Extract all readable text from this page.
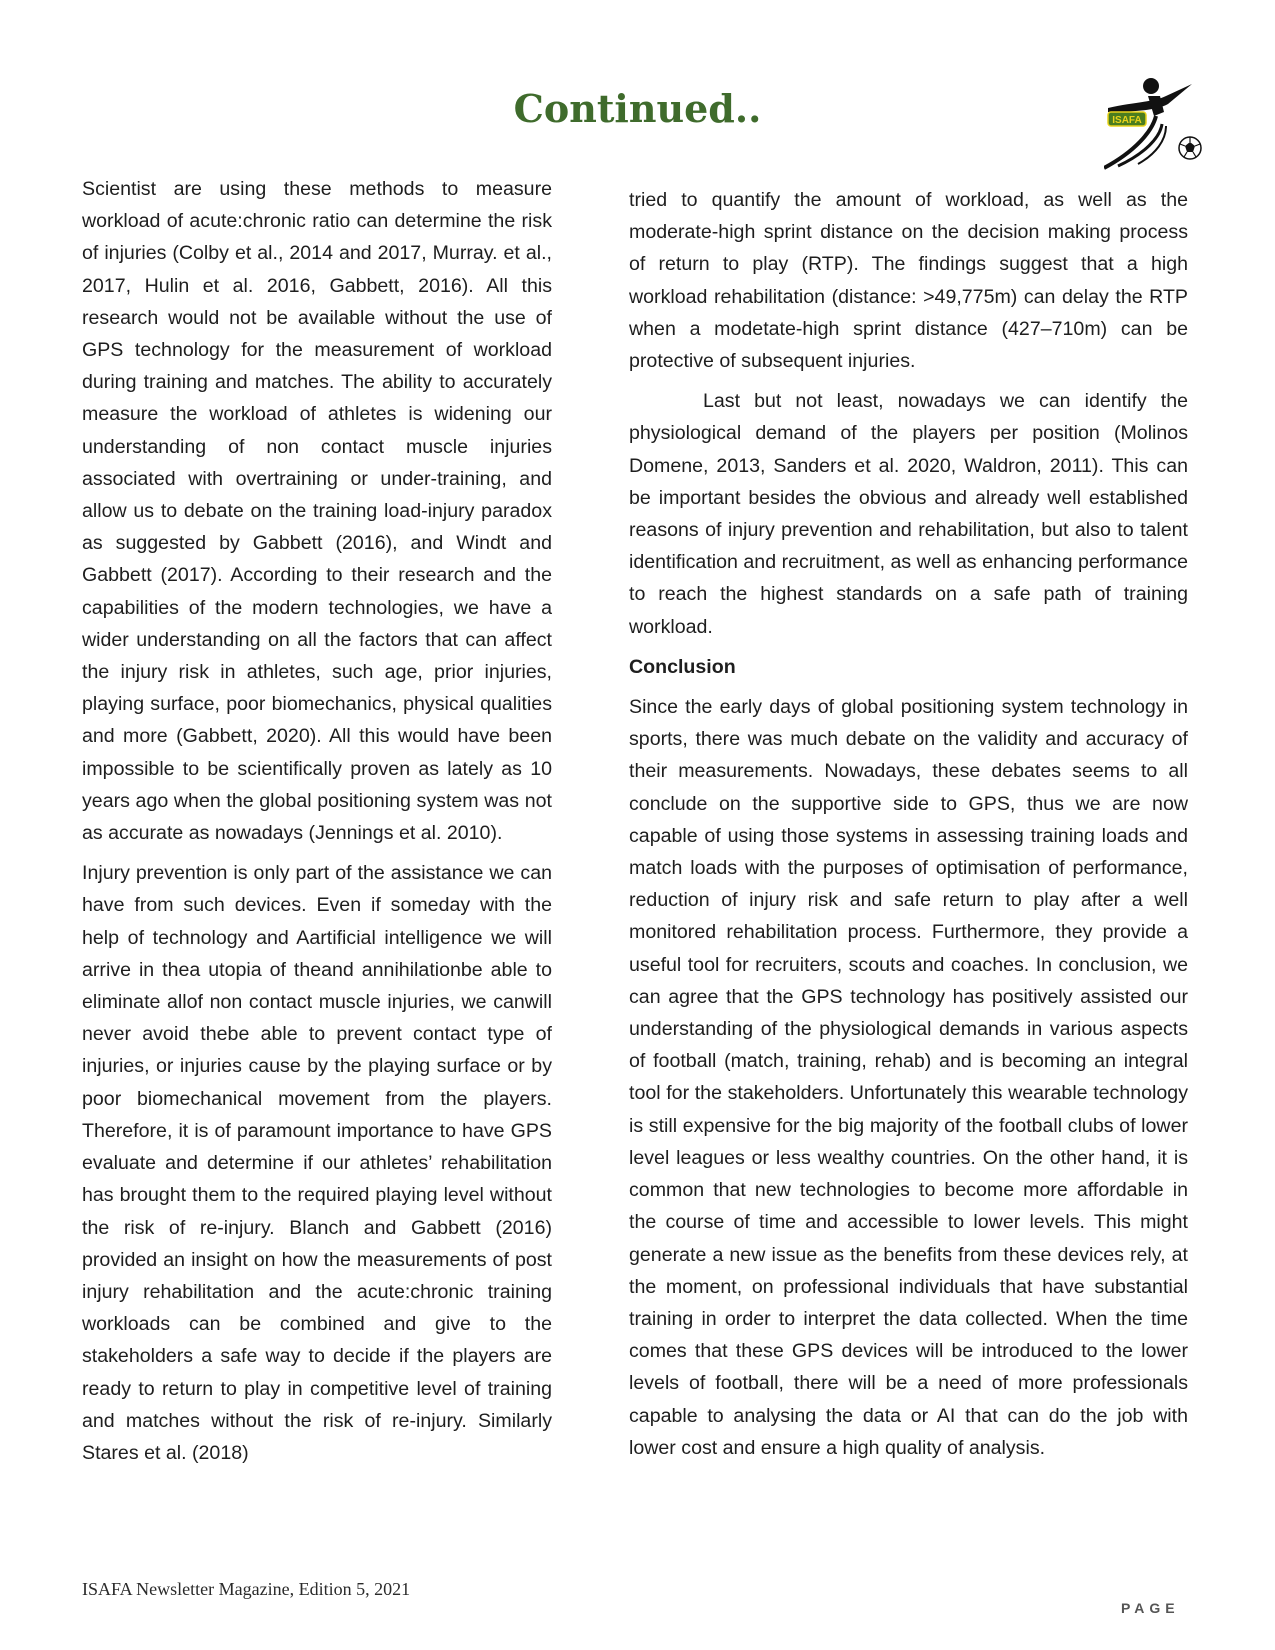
Continued..	ISAFA

Scientist are using these methods to measure workload of acute:chronic ratio can determine the risk of injuries (Colby et al., 2014 and 2017, Murray. et al., 2017, Hulin et al. 2016, Gabbett, 2016). All this research would not be available without the use of GPS technology for the measurement of workload during training and matches. The ability to accurately measure the workload of athletes is widening our understanding of non contact muscle injuries associated with overtraining or under-training, and allow us to debate on the training load-injury paradox as suggested by Gabbett (2016), and Windt and Gabbett (2017). According to their research and the capabilities of the modern technologies, we have a wider understanding on all the factors that can affect the injury risk in athletes, such age, prior injuries, playing surface, poor biomechanics, physical qualities and more (Gabbett, 2020). All this would have been impossible to be scientifically proven as lately as 10 years ago when the global positioning system was not as accurate as nowadays (Jennings et al. 2010).

Injury prevention is only part of the assistance we can have from such devices. Even if someday with the help of technology and Aartificial intelligence we will arrive in thea utopia of theand annihilationbe able to eliminate allof non contact muscle injuries, we canwill never avoid thebe able to prevent contact type of injuries, or injuries cause by the playing surface or by poor biomechanical movement from the players. Therefore, it is of paramount importance to have GPS evaluate and determine if our athletes’ rehabilitation has brought them to the required playing level without the risk of re-injury. Blanch and Gabbett (2016) provided an insight on how the measurements of post injury rehabilitation and the acute:chronic training workloads can be combined and give to the stakeholders a safe way to decide if the players are ready to return to play in competitive level of training and matches without the risk of re-injury. Similarly Stares et al. (2018)

tried to quantify the amount of workload, as well as the moderate-high sprint distance on the decision making process of return to play (RTP). The findings suggest that a high workload rehabilitation (distance: >49,775m) can delay the RTP when a modetate-high sprint distance (427–710m) can be protective of subsequent injuries.

Last but not least, nowadays we can identify the physiological demand of the players per position (Molinos Domene, 2013, Sanders et al. 2020, Waldron, 2011). This can be important besides the obvious and already well established reasons of injury prevention and rehabilitation, but also to talent identification and recruitment, as well as enhancing performance to reach the highest standards on a safe path of training workload.

Conclusion

Since the early days of global positioning system technology in sports, there was much debate on the validity and accuracy of their measurements. Nowadays, these debates seems to all conclude on the supportive side to GPS, thus we are now capable of using those systems in assessing training loads and match loads with the purposes of optimisation of performance, reduction of injury risk and safe return to play after a well monitored rehabilitation process. Furthermore, they provide a useful tool for recruiters, scouts and coaches. In conclusion, we can agree that the GPS technology has positively assisted our understanding of the physiological demands in various aspects of football (match, training, rehab) and is becoming an integral tool for the stakeholders. Unfortunately this wearable technology is still expensive for the big majority of the football clubs of lower level leagues or less wealthy countries. On the other hand, it is common that new technologies to become more affordable in the course of time and accessible to lower levels. This might generate a new issue as the benefits from these devices rely, at the moment, on professional individuals that have substantial training in order to interpret the data collected. When the time comes that these GPS devices will be introduced to the lower levels of football, there will be a need of more professionals capable to analysing the data or AI that can do the job with lower cost and ensure a high quality of analysis.

ISAFA Newsletter Magazine, Edition 5, 2021
PAGE
